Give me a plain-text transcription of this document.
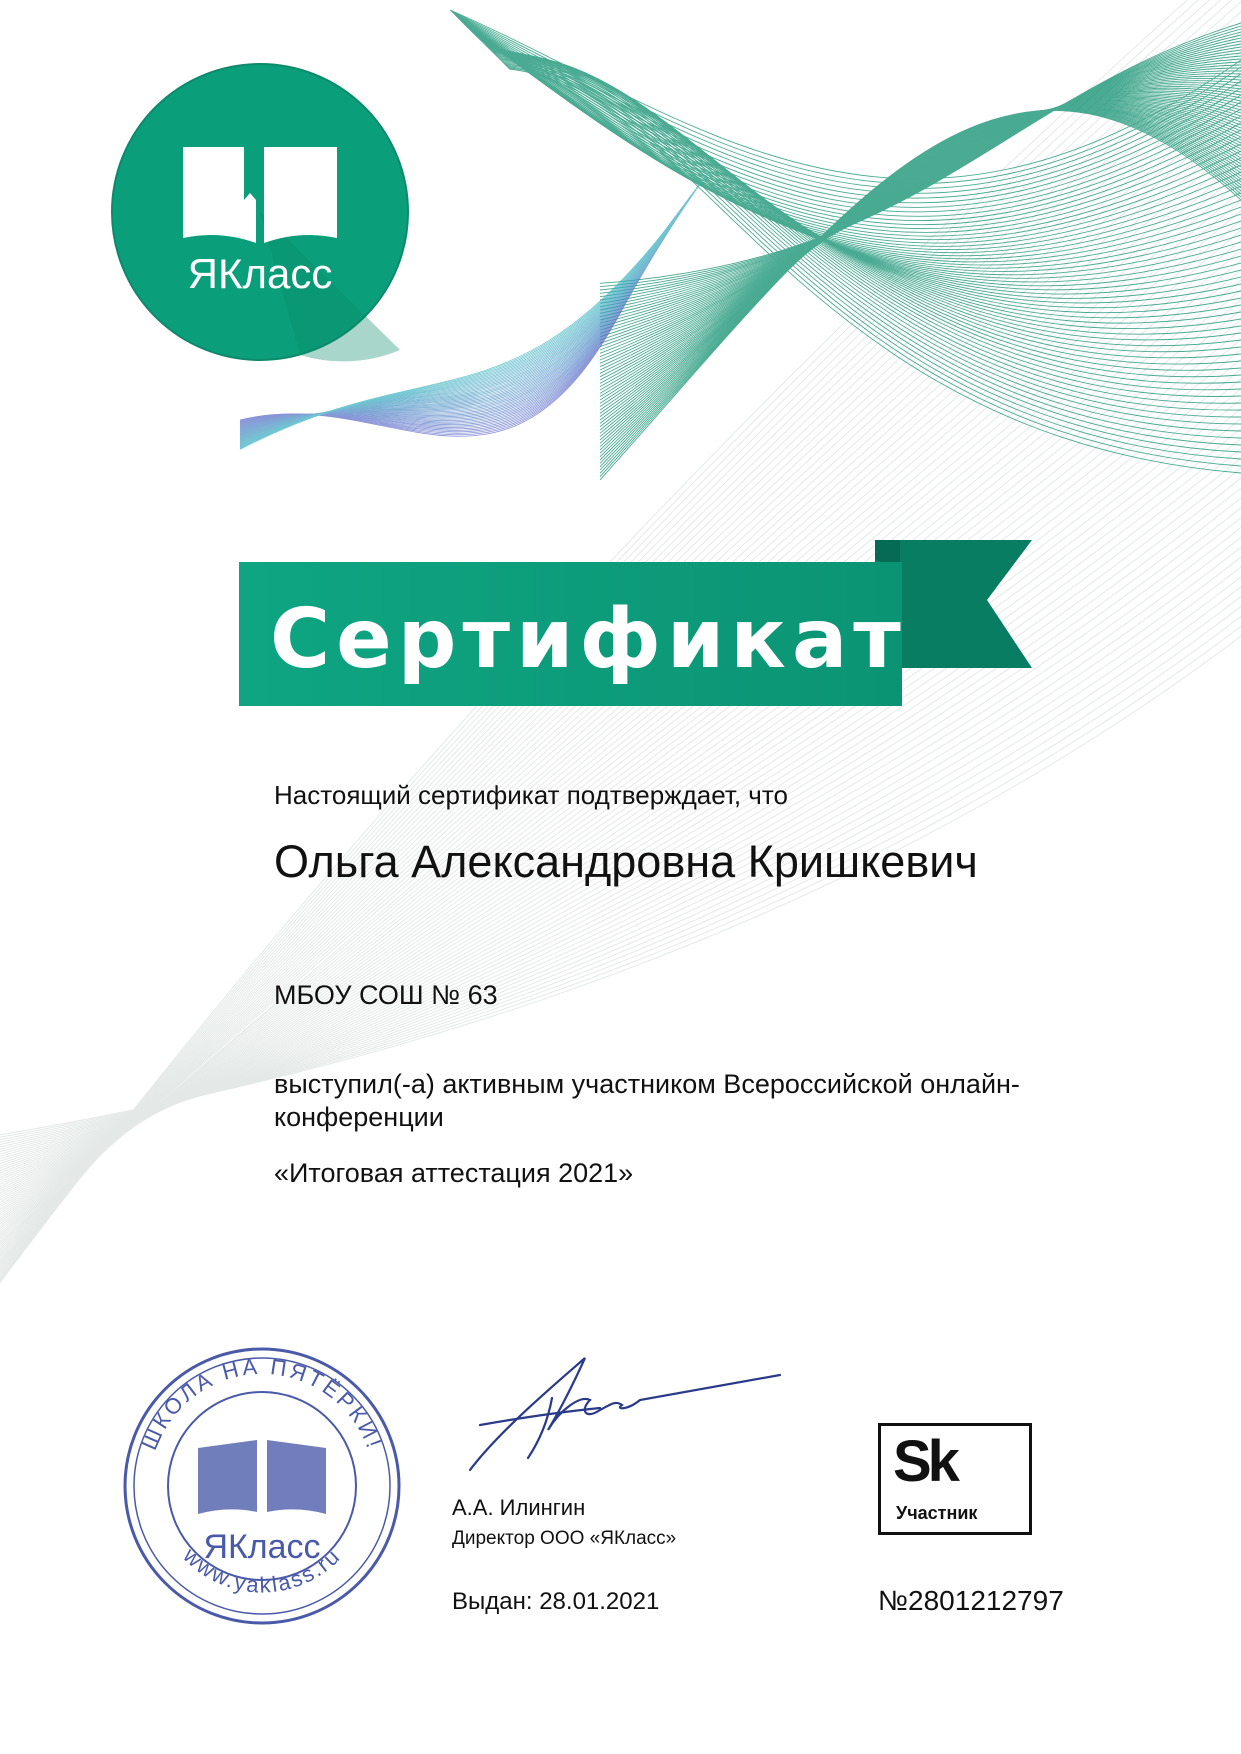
ЯКласс
Сертификат
ШКОЛА НА ПЯТЁРКИ!
www.yaklass.ru
ЯКласс
Настоящий сертификат подтверждает, что
Ольга Александровна Кришкевич
МБОУ СОШ № 63
выступил(-а) активным участником Всероссийской онлайн-конференции
«Итоговая аттестация 2021»
А.А. Илингин
Директор ООО «ЯКласс»
Выдан: 28.01.2021
Sk
Участник
№2801212797
